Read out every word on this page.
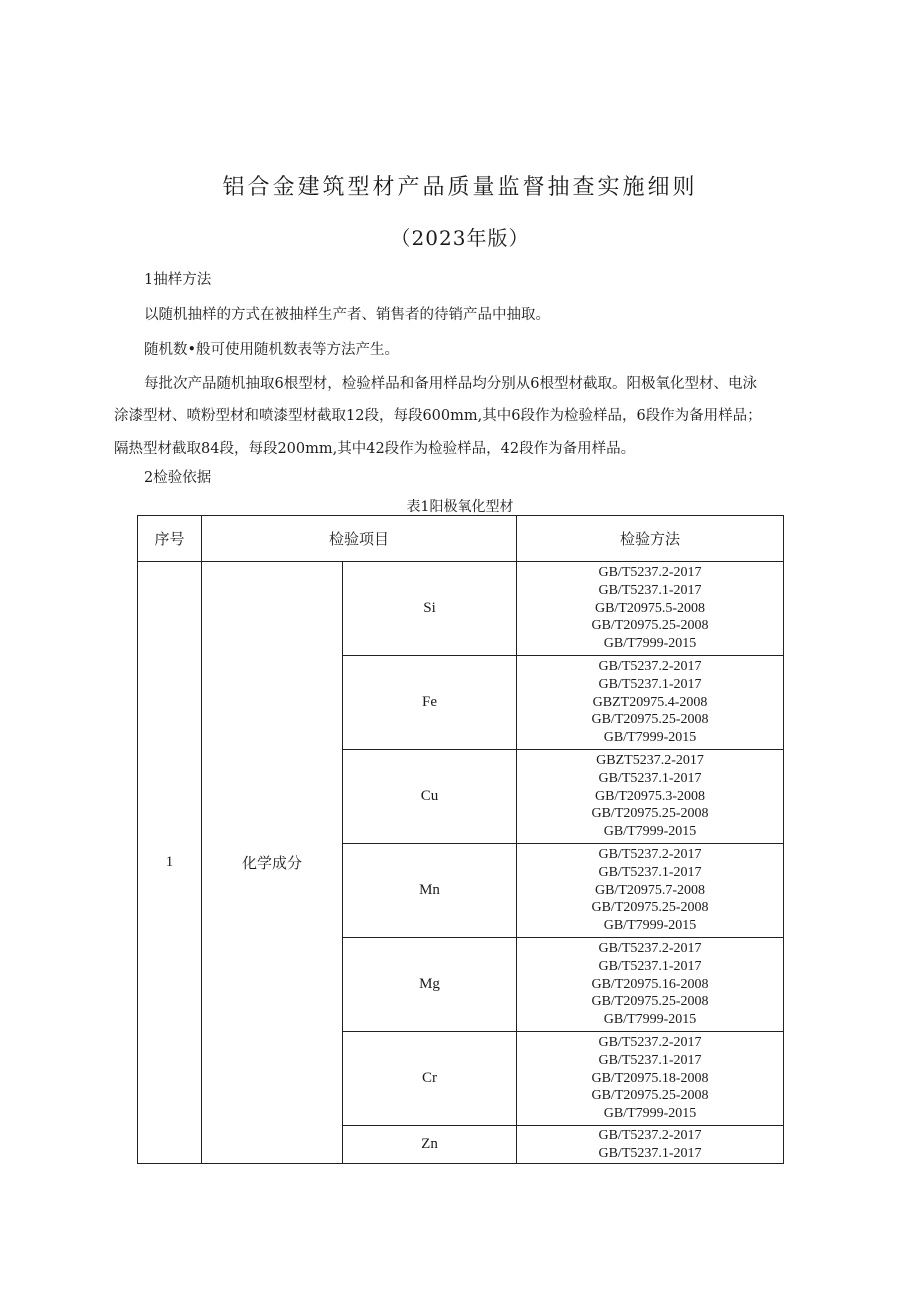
铝合金建筑型材产品质量监督抽查实施细则
（2023年版）
1抽样方法
以随机抽样的方式在被抽样生产者、销售者的待销产品中抽取。
随机数•般可使用随机数表等方法产生。
每批次产品随机抽取6根型材，检验样品和备用样品均分别从6根型材截取。阳极氧化型材、电泳
涂漆型材、喷粉型材和喷漆型材截取12段，每段600mm,其中6段作为检验样品，6段作为备用样品；
隔热型材截取84段，每段200mm,其中42段作为检验样品，42段作为备用样品。
2检验依据
表1阳极氧化型材
序号	检验项目		检验方法
1	化学成分	Si	GB/T5237.2-2017
GB/T5237.1-2017
GB/T20975.5-2008
GB/T20975.25-2008
GB/T7999-2015

		Fe	GB/T5237.2-2017
GB/T5237.1-2017
GBZT20975.4-2008
GB/T20975.25-2008
GB/T7999-2015

		Cu	GBZT5237.2-2017
GB/T5237.1-2017
GB/T20975.3-2008
GB/T20975.25-2008
GB/T7999-2015

		Mn	GB/T5237.2-2017
GB/T5237.1-2017
GB/T20975.7-2008
GB/T20975.25-2008
GB/T7999-2015

		Mg	GB/T5237.2-2017
GB/T5237.1-2017
GB/T20975.16-2008
GB/T20975.25-2008
GB/T7999-2015

		Cr	GB/T5237.2-2017
GB/T5237.1-2017
GB/T20975.18-2008
GB/T20975.25-2008
GB/T7999-2015

		Zn	GB/T5237.2-2017
GB/T5237.1-2017
